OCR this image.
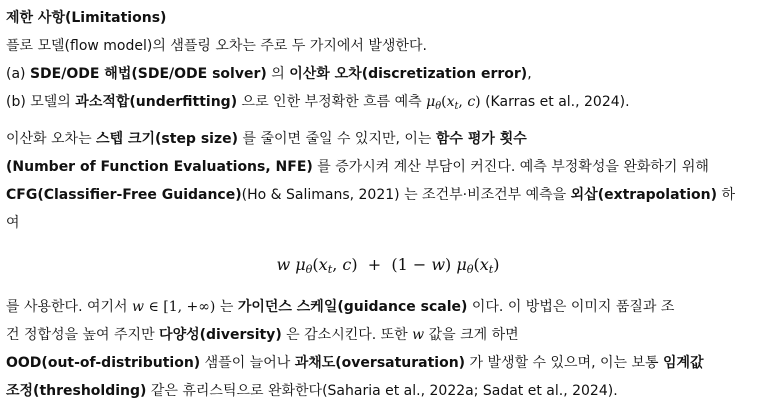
제한 사항(Limitations)
플로 모델(flow model)의 샘플링 오차는 주로 두 가지에서 발생한다.
(a) SDE/ODE 해법(SDE/ODE solver) 의 이산화 오차(discretization error),
(b) 모델의 과소적합(underfitting) 으로 인한 부정확한 흐름 예측 $\mu_\theta(x_t$, c) (Karras et al., 2024).
이산화 오차는 스텝 크기(step size) 를 줄이면 줄일 수 있지만, 이는 함수 평가 횟수
(Number of Function Evaluations, NFE) 를 증가시켜 계산 부담이 커진다. 예측 부정확성을 완화하기 위해
CFG(Classifier-Free Guidance)(Ho & Salimans, 2021) 는 조건부·비조건부 예측을 외삽(extrapolation) 하
여
w $\mu_\theta(x_t$, c)  +  (1 − w) $\mu_\theta(x_t)$
를 사용한다. 여기서 w ∈ [1, +∞) 는 가이던스 스케일(guidance scale) 이다. 이 방법은 이미지 품질과 조
건 정합성을 높여 주지만 다양성(diversity) 은 감소시킨다. 또한 w 값을 크게 하면
OOD(out-of-distribution) 샘플이 늘어나 과채도(oversaturation) 가 발생할 수 있으며, 이는 보통 임계값
조정(thresholding) 같은 휴리스틱으로 완화한다(Saharia et al., 2022a; Sadat et al., 2024).
